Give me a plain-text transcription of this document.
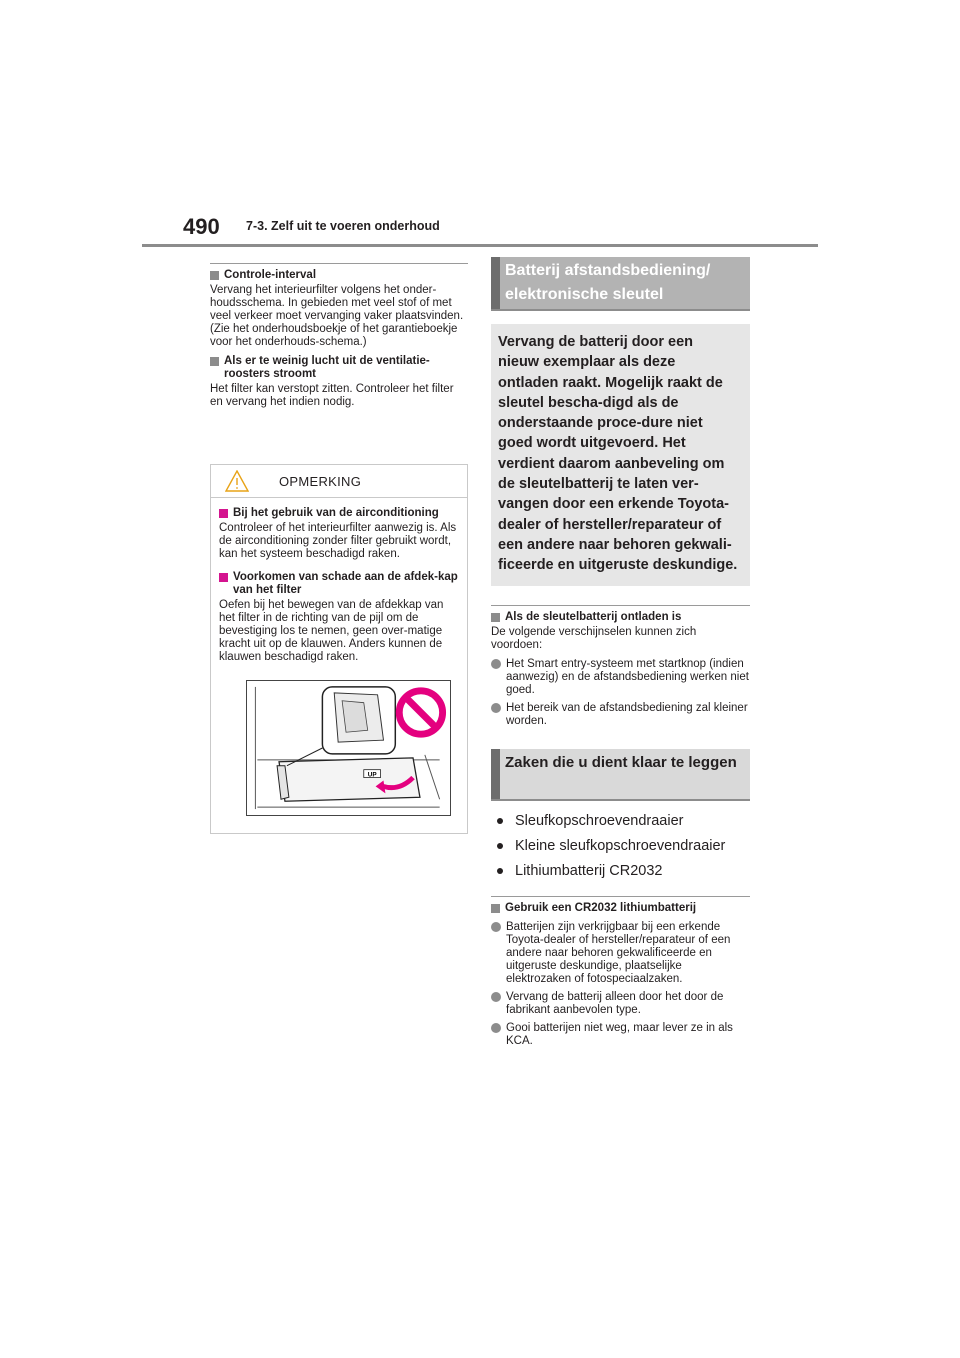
490 7-3. Zelf uit te voeren onderhoud
Controle-interval

Vervang het interieurfilter volgens het onder-houdsschema. In gebieden met veel stof of met veel verkeer moet vervanging vaker plaatsvinden. (Zie het onderhoudsboekje of het garantieboekje voor het onderhouds-schema.)

Als er te weinig lucht uit de ventilatie-roosters stroomt

Het filter kan verstopt zitten. Controleer het filter en vervang het indien nodig.

OPMERKING
Bij het gebruik van de airconditioning

Controleer of het interieurfilter aanwezig is. Als de airconditioning zonder filter gebruikt wordt, kan het systeem beschadigd raken.

Voorkomen van schade aan de afdek-kap van het filter

Oefen bij het bewegen van de afdekkap van het filter in de richting van de pijl om de bevestiging los te nemen, geen over-matige kracht uit op de klauwen. Anders kunnen de klauwen beschadigd raken.

UP
Batterij afstandsbediening/ elektronische sleutel
Vervang de batterij door een nieuw exemplaar als deze ontladen raakt. Mogelijk raakt de sleutel bescha-digd als de onderstaande proce-dure niet goed wordt uitgevoerd. Het verdient daarom aanbeveling om de sleutelbatterij te laten ver-vangen door een erkende Toyota-dealer of hersteller/reparateur of een andere naar behoren gekwali-ficeerde en uitgeruste deskundige.
Als de sleutelbatterij ontladen is

De volgende verschijnselen kunnen zich voordoen:

Het Smart entry-systeem met startknop (indien aanwezig) en de afstandsbediening werken niet goed.
Het bereik van de afstandsbediening zal kleiner worden.
Zaken die u dient klaar te leggen
Sleufkopschroevendraaier
Kleine sleufkopschroevendraaier
Lithiumbatterij CR2032
Gebruik een CR2032 lithiumbatterij
Batterijen zijn verkrijgbaar bij een erkende Toyota-dealer of hersteller/reparateur of een andere naar behoren gekwalificeerde en uitgeruste deskundige, plaatselijke elektrozaken of fotospeciaalzaken.
Vervang de batterij alleen door het door de fabrikant aanbevolen type.
Gooi batterijen niet weg, maar lever ze in als KCA.
